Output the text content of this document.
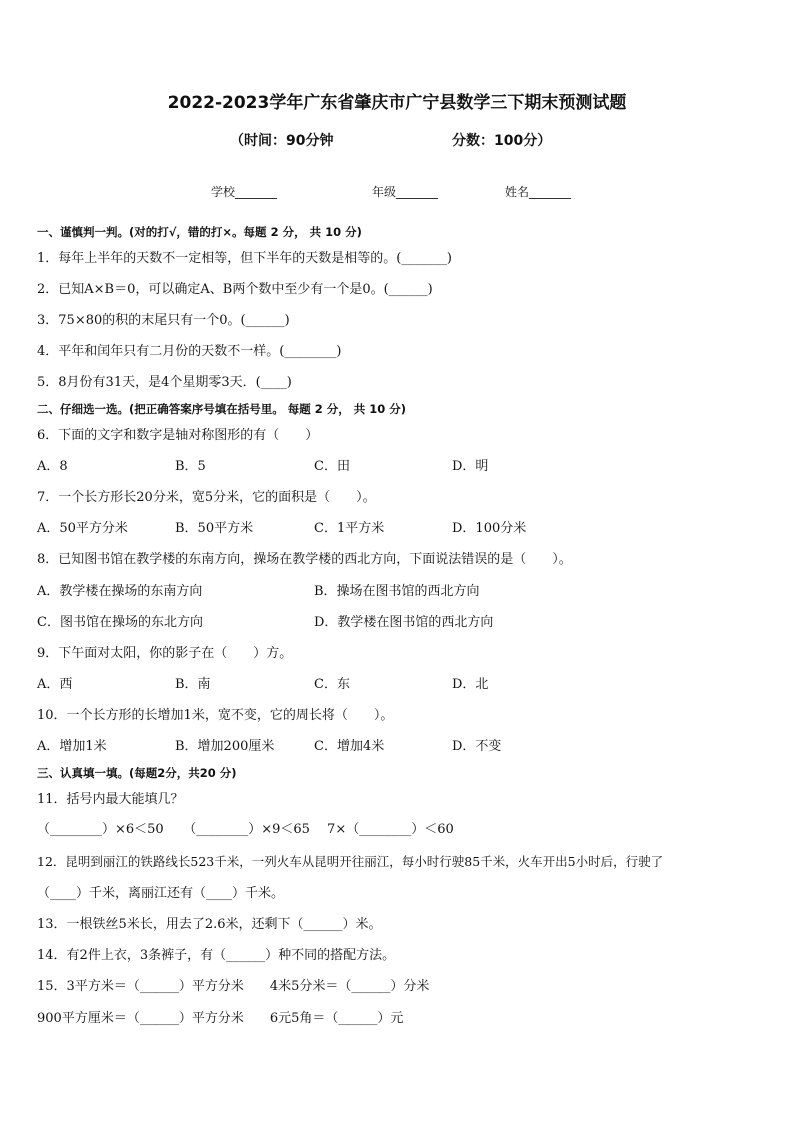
2022-2023学年广东省肇庆市广宁县数学三下期末预测试题
（时间：90分钟	分数：100分）
学校_______	年级_______	姓名_______
一、谨慎判一判。(对的打√，错的打×。每题 2 分， 共 10 分)
1．每年上半年的天数不一定相等，但下半年的天数是相等的。(_______)
2．已知A×B＝0，可以确定A、B两个数中至少有一个是0。(______)
3．75×80的积的末尾只有一个0。(______)
4．平年和闰年只有二月份的天数不一样。(________)
5．8月份有31天，是4个星期零3天．(____)
二、仔细选一选。(把正确答案序号填在括号里。 每题 2 分， 共 10 分)
6．下面的文字和数字是轴对称图形的有（　　）
A．8	B．5	C．田	D．明
7．一个长方形长20分米，宽5分米，它的面积是（　　）。
A．50平方分米	B．50平方米	C．1平方米	D．100分米
8．已知图书馆在教学楼的东南方向，操场在教学楼的西北方向，下面说法错误的是（　　）。
A．教学楼在操场的东南方向	B．操场在图书馆的西北方向
C．图书馆在操场的东北方向	D．教学楼在图书馆的西北方向
9．下午面对太阳，你的影子在（　　）方。
A．西	B．南	C．东	D．北
10．一个长方形的长增加1米，宽不变，它的周长将（　　）。
A．增加1米	B．增加200厘米	C．增加4米	D．不变
三、认真填一填。(每题2分，共20 分)
11．括号内最大能填几？
（________）×6＜50　　（________）×9＜65　 7×（________）＜60
12．昆明到丽江的铁路线长523千米，一列火车从昆明开往丽江，每小时行驶85千米，火车开出5小时后，行驶了
（____）千米，离丽江还有（____）千米。
13．一根铁丝5米长，用去了2.6米，还剩下（______）米。
14．有2件上衣，3条裤子，有（______）种不同的搭配方法。
15．3平方米＝（______）平方分米　　4米5分米＝（______）分米
900平方厘米＝（______）平方分米　　6元5角＝（______）元
